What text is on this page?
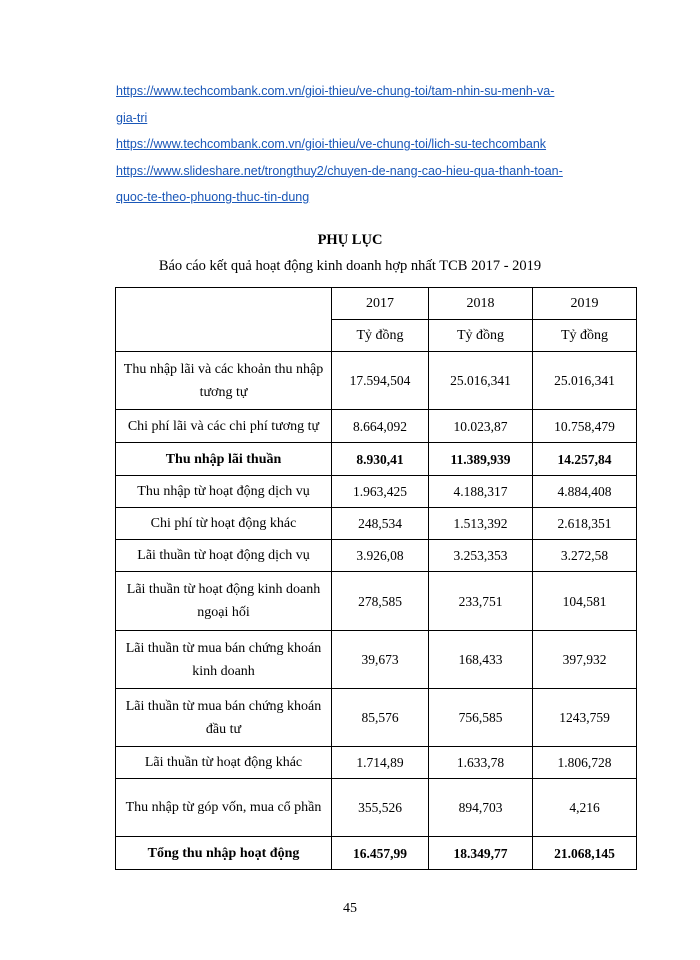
https://www.techcombank.com.vn/gioi-thieu/ve-chung-toi/tam-nhin-su-menh-va-
gia-tri
https://www.techcombank.com.vn/gioi-thieu/ve-chung-toi/lich-su-techcombank
https://www.slideshare.net/trongthuy2/chuyen-de-nang-cao-hieu-qua-thanh-toan-
quoc-te-theo-phuong-thuc-tin-dung
PHỤ LỤC
Báo cáo kết quả hoạt động kinh doanh hợp nhất TCB 2017 - 2019
	2017	2018	2019
	Tỷ đồng	Tỷ đồng	Tỷ đồng
Thu nhập lãi và các khoản thu nhập tương tự	17.594,504	25.016,341	25.016,341
Chi phí lãi và các chi phí tương tự	8.664,092	10.023,87	10.758,479
Thu nhập lãi thuần	8.930,41	11.389,939	14.257,84
Thu nhập từ hoạt động dịch vụ	1.963,425	4.188,317	4.884,408
Chi phí từ hoạt động khác	248,534	1.513,392	2.618,351
Lãi thuần từ hoạt động dịch vụ	3.926,08	3.253,353	3.272,58
Lãi thuần từ hoạt động kinh doanh ngoại hối	278,585	233,751	104,581
Lãi thuần từ mua bán chứng khoán kinh doanh	39,673	168,433	397,932
Lãi thuần từ mua bán chứng khoán đầu tư	85,576	756,585	1243,759
Lãi thuần từ hoạt động khác	1.714,89	1.633,78	1.806,728
Thu nhập từ góp vốn, mua cổ phần	355,526	894,703	4,216
Tổng thu nhập hoạt động	16.457,99	18.349,77	21.068,145
45
